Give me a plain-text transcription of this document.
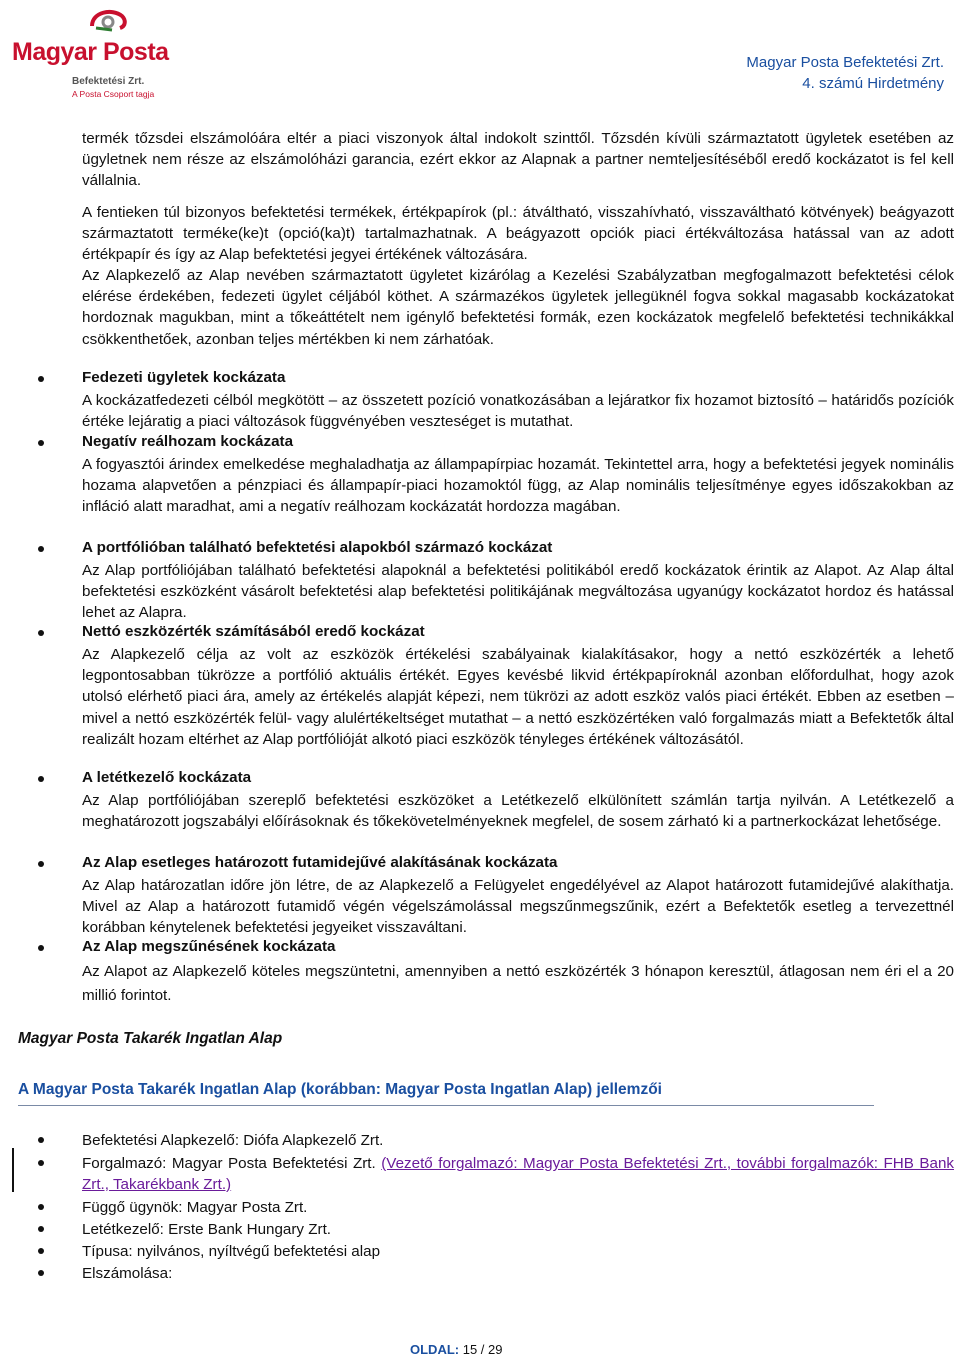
Magyar Posta
Befektetési Zrt.
A Posta Csoport tagja
Magyar Posta Befektetési Zrt.
4. számú Hirdetmény
termék tőzsdei elszámolóára eltér a piaci viszonyok által indokolt szinttől. Tőzsdén kívüli származtatott ügyletek esetében az ügyletnek nem része az elszámolóházi garancia, ezért ekkor az Alapnak a partner nemteljesítéséből eredő kockázatot is fel kell vállalnia.
A fentieken túl bizonyos befektetési termékek, értékpapírok (pl.: átváltható, visszahívható, visszaváltható kötvények) beágyazott származtatott terméke(ke)t (opció(ka)t) tartalmazhatnak. A beágyazott opciók piaci értékváltozása hatással van az adott értékpapír és így az Alap befektetési jegyei értékének változására.
Az Alapkezelő az Alap nevében származtatott ügyletet kizárólag a Kezelési Szabályzatban megfogalmazott befektetési célok elérése érdekében, fedezeti ügylet céljából köthet. A származékos ügyletek jellegüknél fogva sokkal magasabb kockázatokat hordoznak magukban, mint a tőkeáttételt nem igénylő befektetési formák, ezen kockázatok megfelelő befektetési technikákkal csökkenthetőek, azonban teljes mértékben ki nem zárhatóak.
Fedezeti ügyletek kockázata
A kockázatfedezeti célból megkötött – az összetett pozíció vonatkozásában a lejáratkor fix hozamot biztosító – határidős pozíciók értéke lejáratig a piaci változások függvényében veszteséget is mutathat.
Negatív reálhozam kockázata
A fogyasztói árindex emelkedése meghaladhatja az állampapírpiac hozamát. Tekintettel arra, hogy a befektetési jegyek nominális hozama alapvetően a pénzpiaci és állampapír-piaci hozamoktól függ, az Alap nominális teljesítménye egyes időszakokban az infláció alatt maradhat, ami a negatív reálhozam kockázatát hordozza magában.
A portfólióban található befektetési alapokból származó kockázat
Az Alap portfóliójában található befektetési alapoknál a befektetési politikából eredő kockázatok érintik az Alapot. Az Alap által befektetési eszközként vásárolt befektetési alap befektetési politikájának megváltozása ugyanúgy kockázatot hordoz és hatással lehet az Alapra.
Nettó eszközérték számításából eredő kockázat
Az Alapkezelő célja az volt az eszközök értékelési szabályainak kialakításakor, hogy a nettó eszközérték a lehető legpontosabban tükrözze a portfólió aktuális értékét. Egyes kevésbé likvid értékpapíroknál azonban előfordulhat, hogy azok utolsó elérhető piaci ára, amely az értékelés alapját képezi, nem tükrözi az adott eszköz valós piaci értékét. Ebben az esetben – mivel a nettó eszközérték felül- vagy alulértékeltséget mutathat – a nettó eszközértéken való forgalmazás miatt a Befektetők által realizált hozam eltérhet az Alap portfólióját alkotó piaci eszközök tényleges értékének változásától.
A letétkezelő kockázata
Az Alap portfóliójában szereplő befektetési eszközöket a Letétkezelő elkülönített számlán tartja nyilván. A Letétkezelő a meghatározott jogszabályi előírásoknak és tőkekövetelményeknek megfelel, de sosem zárható ki a partnerkockázat lehetősége.
Az Alap esetleges határozott futamidejűvé alakításának kockázata
Az Alap határozatlan időre jön létre, de az Alapkezelő a Felügyelet engedélyével az Alapot határozott futamidejűvé alakíthatja. Mivel az Alap a határozott futamidő végén végelszámolással megszűnmegszűnik, ezért a Befektetők esetleg a tervezettnél korábban kénytelenek befektetési jegyeiket visszaváltani.
Az Alap megszűnésének kockázata
Az Alapot az Alapkezelő köteles megszüntetni, amennyiben a nettó eszközérték 3 hónapon keresztül, átlagosan nem éri el a 20 millió forintot.
Magyar Posta Takarék Ingatlan Alap
A Magyar Posta Takarék Ingatlan Alap (korábban: Magyar Posta Ingatlan Alap) jellemzői
Befektetési Alapkezelő: Diófa Alapkezelő Zrt.
Forgalmazó: Magyar Posta Befektetési Zrt. (Vezető forgalmazó: Magyar Posta Befektetési Zrt., további forgalmazók: FHB Bank Zrt., Takarékbank Zrt.)
Függő ügynök: Magyar Posta Zrt.
Letétkezelő: Erste Bank Hungary Zrt.
Típusa: nyilvános, nyíltvégű befektetési alap
Elszámolása:
OLDAL: 15 / 29
